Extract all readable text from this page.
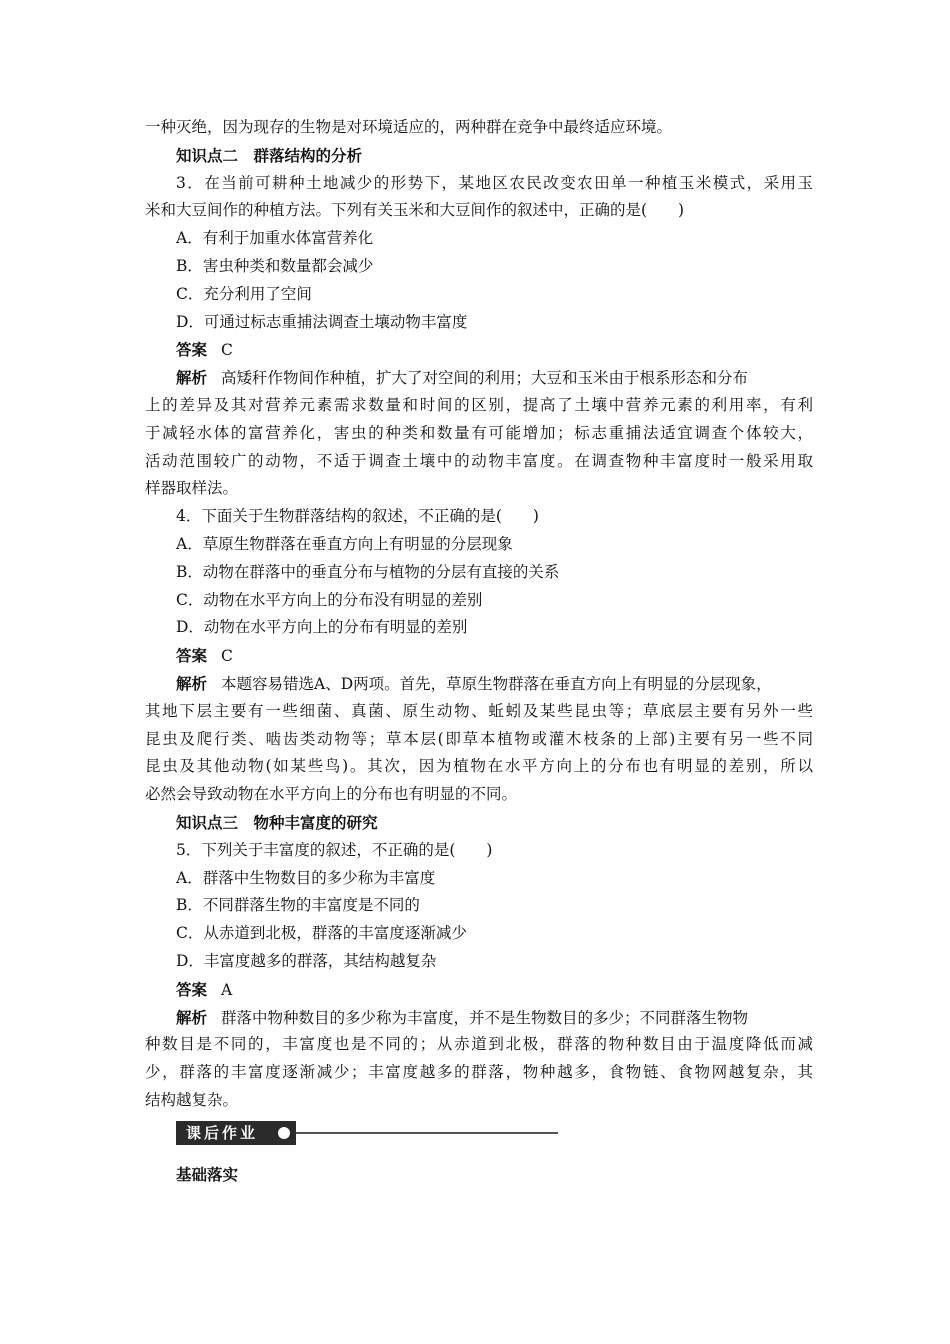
一种灭绝，因为现存的生物是对环境适应的，两种群在竞争中最终适应环境。
知识点二　群落结构的分析
3．在当前可耕种土地减少的形势下，某地区农民改变农田单一种植玉米模式，采用玉
米和大豆间作的种植方法。下列有关玉米和大豆间作的叙述中，正确的是(　　)
A．有利于加重水体富营养化
B．害虫种类和数量都会减少
C．充分利用了空间
D．可通过标志重捕法调查土壤动物丰富度
答案 C
解析 高矮秆作物间作种植，扩大了对空间的利用；大豆和玉米由于根系形态和分布
上的差异及其对营养元素需求数量和时间的区别，提高了土壤中营养元素的利用率，有利
于减轻水体的富营养化，害虫的种类和数量有可能增加；标志重捕法适宜调查个体较大，
活动范围较广的动物，不适于调查土壤中的动物丰富度。在调查物种丰富度时一般采用取
样器取样法。
4．下面关于生物群落结构的叙述，不正确的是(　　)
A．草原生物群落在垂直方向上有明显的分层现象
B．动物在群落中的垂直分布与植物的分层有直接的关系
C．动物在水平方向上的分布没有明显的差别
D．动物在水平方向上的分布有明显的差别
答案 C
解析 本题容易错选A、D两项。首先，草原生物群落在垂直方向上有明显的分层现象，
其地下层主要有一些细菌、真菌、原生动物、蚯蚓及某些昆虫等；草底层主要有另外一些
昆虫及爬行类、啮齿类动物等；草本层(即草本植物或灌木枝条的上部)主要有另一些不同
昆虫及其他动物(如某些鸟)。其次，因为植物在水平方向上的分布也有明显的差别，所以
必然会导致动物在水平方向上的分布也有明显的不同。
知识点三　物种丰富度的研究
5．下列关于丰富度的叙述，不正确的是(　　)
A．群落中生物数目的多少称为丰富度
B．不同群落生物的丰富度是不同的
C．从赤道到北极，群落的丰富度逐渐减少
D．丰富度越多的群落，其结构越复杂
答案 A
解析 群落中物种数目的多少称为丰富度，并不是生物数目的多少；不同群落生物物
种数目是不同的，丰富度也是不同的；从赤道到北极，群落的物种数目由于温度降低而减
少，群落的丰富度逐渐减少；丰富度越多的群落，物种越多，食物链、食物网越复杂，其
结构越复杂。
课后作业
基础落实
